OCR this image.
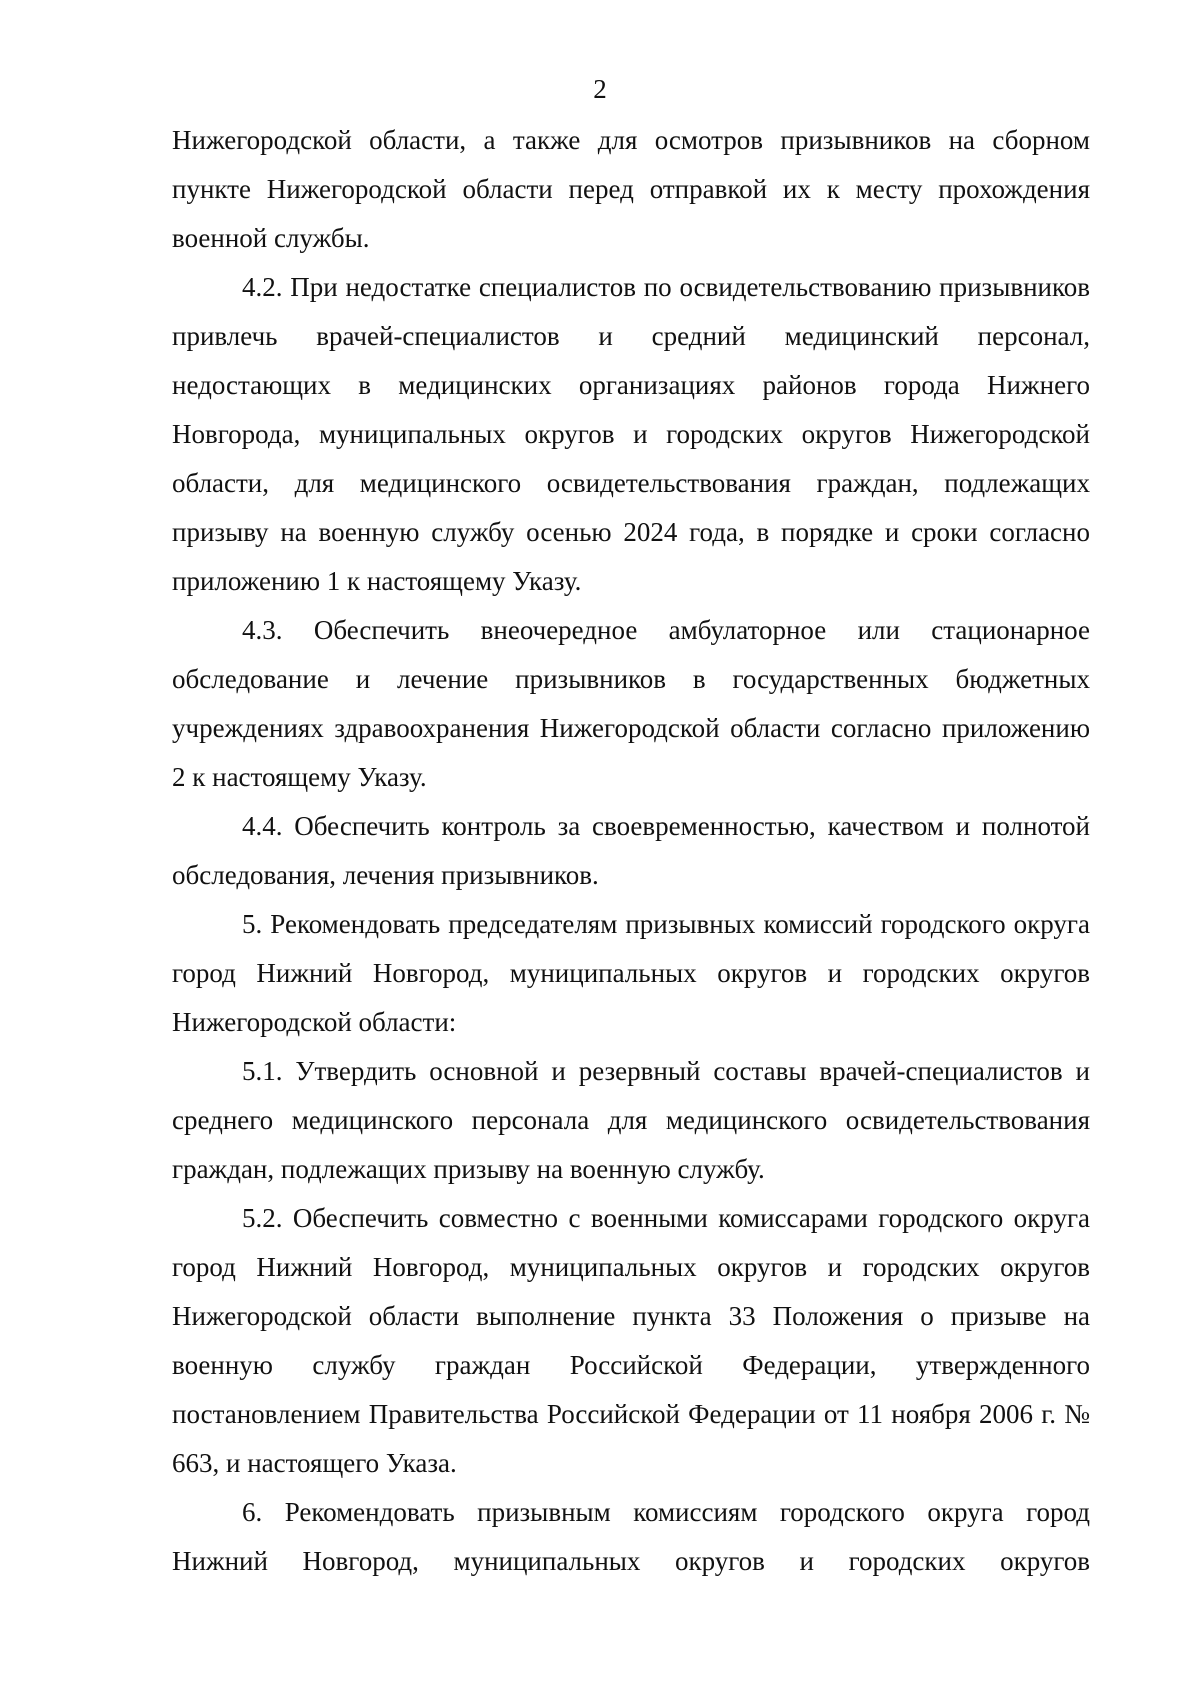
2

Нижегородской области, а также для осмотров призывников на сборном пункте Нижегородской области перед отправкой их к месту прохождения военной службы.

4.2. При недостатке специалистов по освидетельствованию призывников привлечь врачей-специалистов и средний медицинский персонал, недостающих в медицинских организациях районов города Нижнего Новгорода, муниципальных округов и городских округов Нижегородской области, для медицинского освидетельствования граждан, подлежащих призыву на военную службу осенью 2024 года, в порядке и сроки согласно приложению 1 к настоящему Указу.

4.3. Обеспечить внеочередное амбулаторное или стационарное обследование и лечение призывников в государственных бюджетных учреждениях здравоохранения Нижегородской области согласно приложению 2 к настоящему Указу.

4.4. Обеспечить контроль за своевременностью, качеством и полнотой обследования, лечения призывников.

5. Рекомендовать председателям призывных комиссий городского округа город Нижний Новгород, муниципальных округов и городских округов Нижегородской области:

5.1. Утвердить основной и резервный составы врачей-специалистов и среднего медицинского персонала для медицинского освидетельствования граждан, подлежащих призыву на военную службу.

5.2. Обеспечить совместно с военными комиссарами городского округа город Нижний Новгород, муниципальных округов и городских округов Нижегородской области выполнение пункта 33 Положения о призыве на военную службу граждан Российской Федерации, утвержденного постановлением Правительства Российской Федерации от 11 ноября 2006 г. № 663, и настоящего Указа.

6. Рекомендовать призывным комиссиям городского округа город Нижний Новгород, муниципальных округов и городских округов
